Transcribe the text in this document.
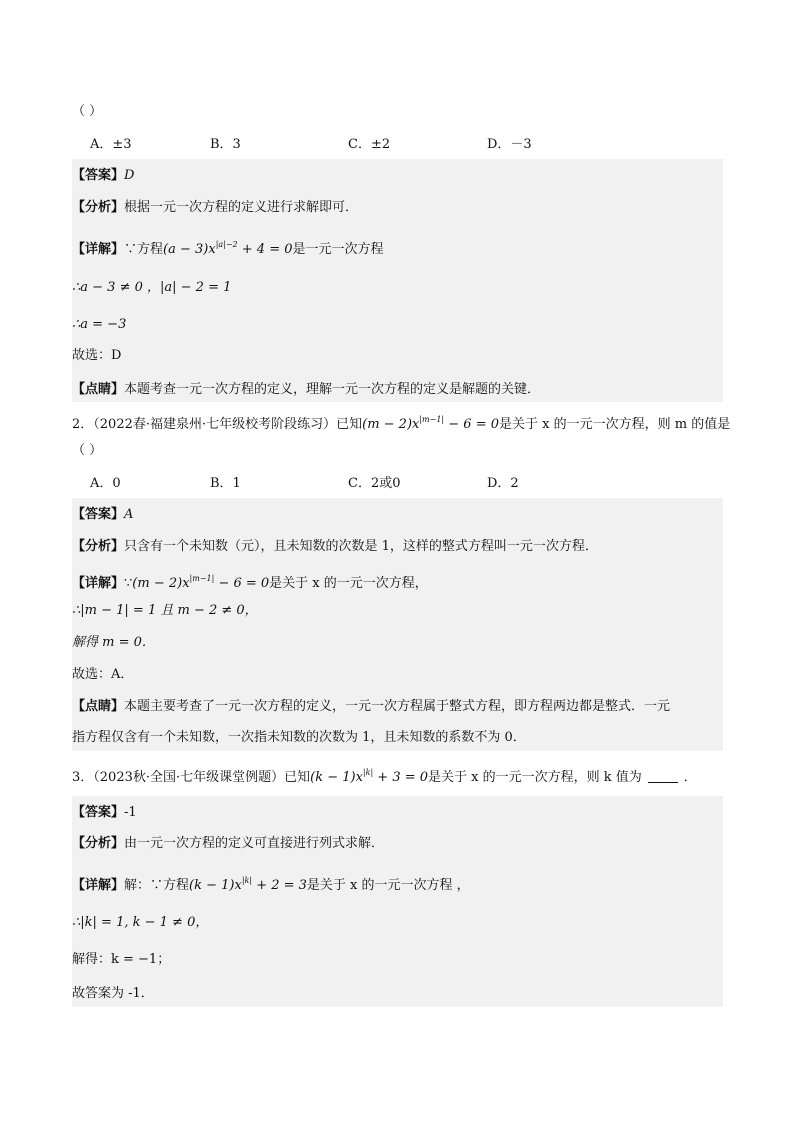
（ ）
A．±3	B．3	C．±2	D．－3
【答案】D
【分析】根据一元一次方程的定义进行求解即可．
【详解】∵方程$(a - 3)x^{|a|-2} + 4 = 0$是一元一次方程
∴a − 3 ≠ 0 ，|a| − 2 = 1
∴a = −3
故选：D
【点睛】本题考查一元一次方程的定义，理解一元一次方程的定义是解题的关键．
2．（2022春·福建泉州·七年级校考阶段练习）已知$(m - 2)x^{|m-1|} - 6 = 0$是关于 x 的一元一次方程，则 m 的值是
（ ）
A．0	B．1	C．2或0	D．2
【答案】A
【分析】只含有一个未知数（元），且未知数的次数是 1，这样的整式方程叫一元一次方程．
【详解】∵(m − $2)x^{|m-1|} - 6 = 0$是关于 x 的一元一次方程，
∴|m − 1| = 1 且 m − 2 ≠ 0，
解得 m = 0．
故选：A．
【点睛】本题主要考查了一元一次方程的定义，一元一次方程属于整式方程，即方程两边都是整式．一元
指方程仅含有一个未知数，一次指未知数的次数为 1，且未知数的系数不为 0．
3．（2023秋·全国·七年级课堂例题）已知$(k - 1)x^{|k|} + 3 = 0$是关于 x 的一元一次方程，则 k 值为	．
【答案】-1
【分析】由一元一次方程的定义可直接进行列式求解．
【详解】解：∵方程$(k - 1)x^{|k|} + 2 = 3$是关于 x 的一元一次方程 ，
∴|k| = 1, k − 1 ≠ 0，
解得：k = −1；
故答案为 -1．
